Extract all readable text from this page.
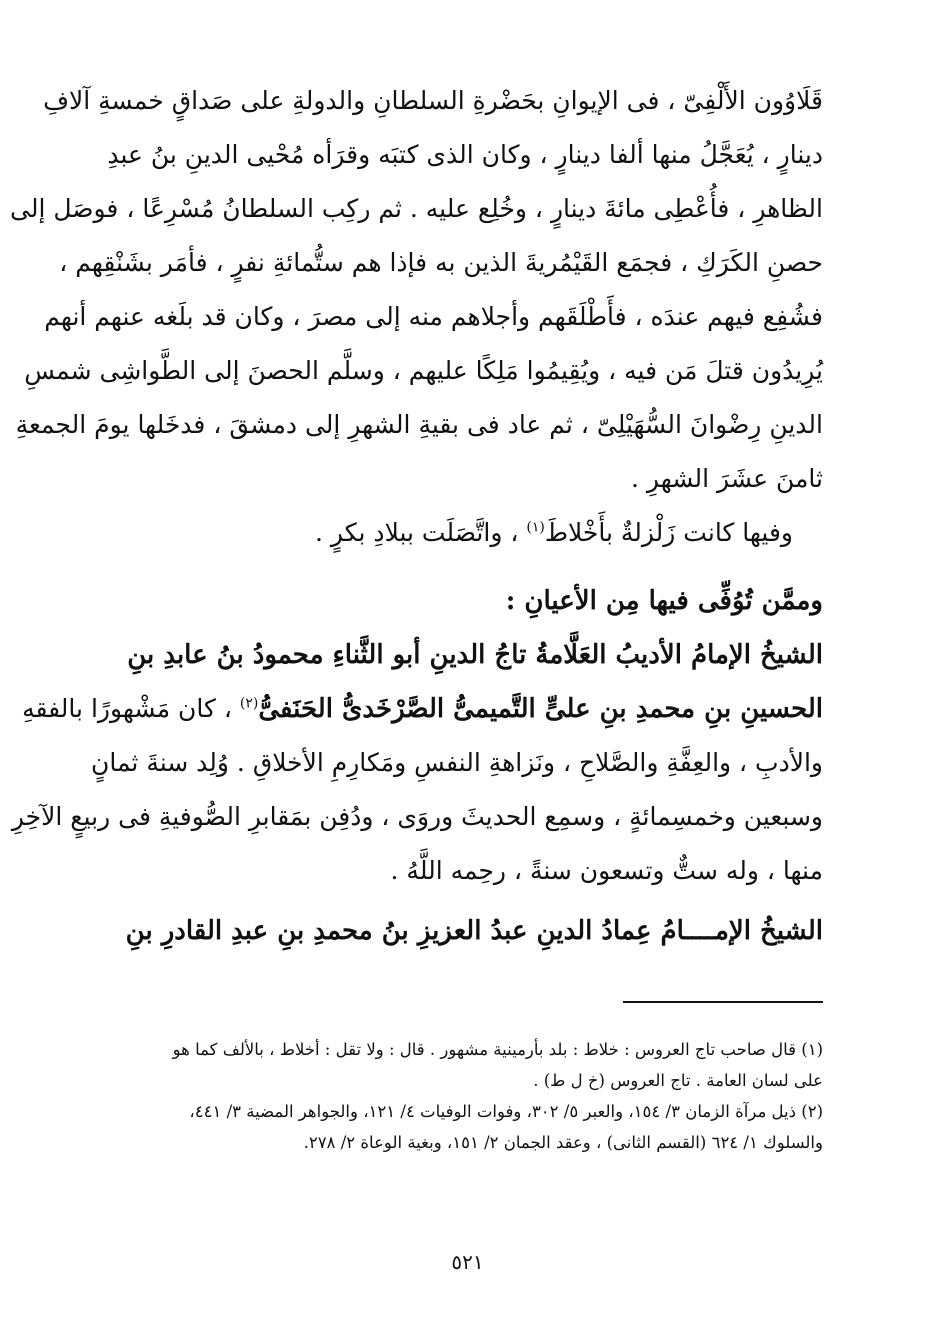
قَلَاوُون الأَلْفِىّ ، فى الإيوانِ بحَضْرةِ السلطانِ والدولةِ على صَداقٍ خمسةِ آلافِ
دينارٍ ، يُعَجَّلُ منها ألفا دينارٍ ، وكان الذى كتبَه وقرَأه مُحْيى الدينِ بنُ عبدِ
الظاهرِ ، فأُعْطِى مائةَ دينارٍ ، وخُلِع عليه . ثم ركِب السلطانُ مُسْرِعًا ، فوصَل إلى
حصنِ الكَرَكِ ، فجمَع القَيْمُريةَ الذين به فإذا هم ستُّمائةِ نفرٍ ، فأمَر بشَنْقِهم ،
فشُفِع فيهم عندَه ، فأَطْلَقَهم وأجلاهم منه إلى مصرَ ، وكان قد بلَغه عنهم أنهم
يُرِيدُون قتلَ مَن فيه ، ويُقِيمُوا مَلِكًا عليهم ، وسلَّم الحصنَ إلى الطَّواشِى شمسِ
الدينِ رِضْوانَ السُّهَيْلِىّ ، ثم عاد فى بقيةِ الشهرِ إلى دمشقَ ، فدخَلها يومَ الجمعةِ
ثامنَ عشَرَ الشهرِ .
وفيها كانت زَلْزلةٌ بأَخْلاطَ$^{(١)}$ ، واتَّصَلَت ببلادِ بكرٍ .
وممَّن تُوُفِّى فيها مِن الأعيانِ :
الشيخُ الإمامُ الأديبُ العَلَّامةُ تاجُ الدينِ أبو الثَّناءِ محمودُ بنُ عابدِ بنِ
الحسينِ بنِ محمدِ بنِ علىٍّ التَّميمىُّ الصَّرْخَدىُّ الحَنَفىُّ$^{(٢)}$ ، كان مَشْهورًا بالفقهِ
والأدبِ ، والعِفَّةِ والصَّلاحِ ، ونَزاهةِ النفسِ ومَكارِمِ الأخلاقِ . وُلِد سنةَ ثمانٍ
وسبعين وخمسِمائةٍ ، وسمِع الحديثَ وروَى ، ودُفِن بمَقابرِ الصُّوفيةِ فى ربيعٍ الآخِرِ
منها ، وله ستٌّ وتسعون سنةً ، رحِمه اللَّهُ .
الشيخُ الإمــــامُ عِمادُ الدينِ عبدُ العزيزِ بنُ محمدِ بنِ عبدِ القادرِ بنِ
(١) قال صاحب تاج العروس : خلاط : بلد بأرمينية مشهور . قال : ولا تقل : أخلاط ، بالألف كما هو
على لسان العامة . تاج العروس (خ ل ط) .
(٢) ذيل مرآة الزمان ٣/ ١٥٤، والعبر ٥/ ٣٠٢، وفوات الوفيات ٤/ ١٢١، والجواهر المضية ٣/ ٤٤١،
والسلوك ١/ ٦٢٤ (القسم الثانى) ، وعقد الجمان ٢/ ١٥١، وبغية الوعاة ٢/ ٢٧٨.
٥٢١
